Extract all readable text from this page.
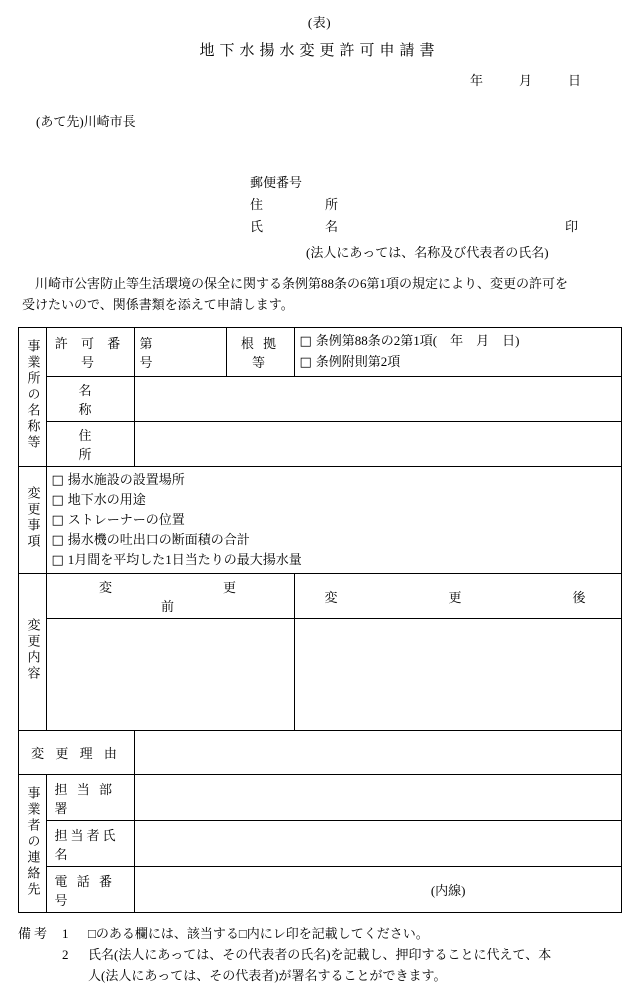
(表)
地下水揚水変更許可申請書
年	月	日
(あて先)川崎市長
郵便番号
住　　所
氏　　名	印
(法人にあっては、名称及び代表者の氏名)
　川崎市公害防止等生活環境の保全に関する条例第88条の6第1項の規定により、変更の許可を
受けたいので、関係書類を添えて申請します。
事業所の名称等	許 可 番 号	第　　　　号	根 拠 等	□ 条例第88条の2第1項(　年　月　日)
□ 条例附則第2項

	名　　　称			
	住　　所			
変更事項	□ 揚水施設の設置場所
□ 地下水の用途
□ ストレーナーの位置
□ 揚水機の吐出口の断面積の合計
□ 1月間を平均した1日当たりの最大揚水量			

変更内容	変　　　更　　　前			変　　　更　　　後

変 更 理 由				
事業者の連絡先	担 当 部 署			
	担当者氏名			
	電 話 番 号	(内線)		
備考 1	□のある欄には、該当する□内にレ印を記載してください。
2	氏名(法人にあっては、その代表者の氏名)を記載し、押印することに代えて、本
人(法人にあっては、その代表者)が署名することができます。
